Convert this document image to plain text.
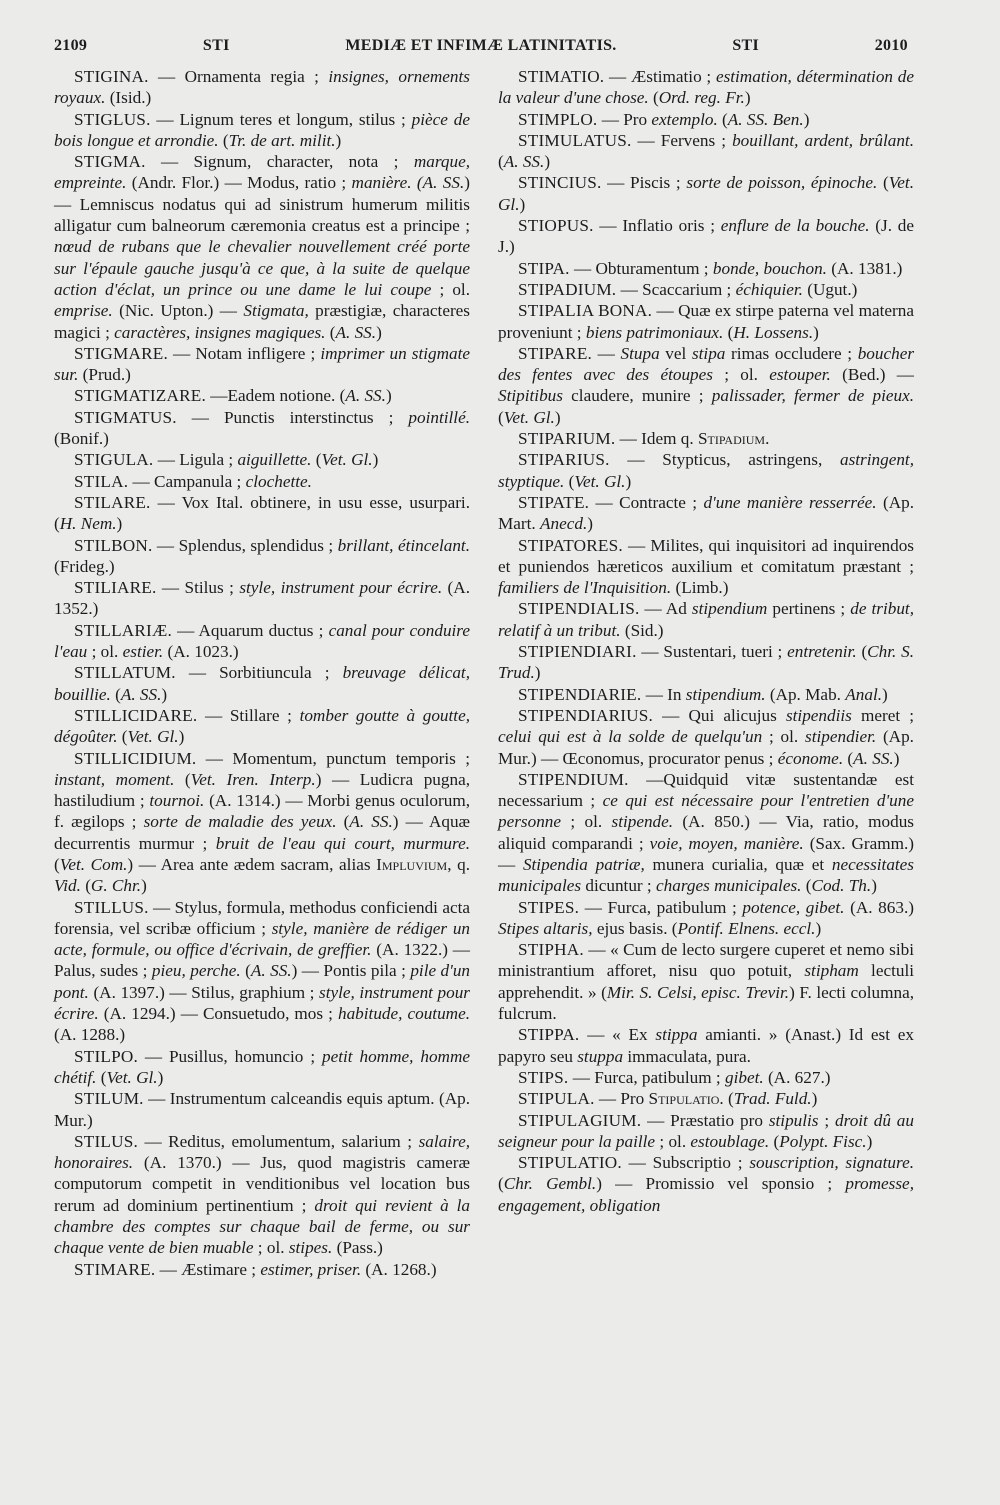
2109	STI	MEDIÆ ET INFIMÆ LATINITATIS.	STI	2010

STIGINA. — Ornamenta regia ; insignes, ornements royaux. (Isid.)

STIGLUS. — Lignum teres et longum, stilus ; pièce de bois longue et arrondie. (Tr. de art. milit.)

STIGMA. — Signum, character, nota ; marque, empreinte. (Andr. Flor.) — Modus, ratio ; manière. (A. SS.) — Lemniscus nodatus qui ad sinistrum humerum militis alligatur cum balneorum cæremonia creatus est a principe ; nœud de rubans que le chevalier nouvellement créé porte sur l'épaule gauche jusqu'à ce que, à la suite de quelque action d'éclat, un prince ou une dame le lui coupe ; ol. emprise. (Nic. Upton.) — Stigmata, præstigiæ, characteres magici ; caractères, insignes magiques. (A. SS.)

STIGMARE. — Notam infligere ; imprimer un stigmate sur. (Prud.)

STIGMATIZARE. —Eadem notione. (A. SS.)

STIGMATUS. — Punctis interstinctus ; pointillé. (Bonif.)

STIGULA. — Ligula ; aiguillette. (Vet. Gl.)

STILA. — Campanula ; clochette.

STILARE. — Vox Ital. obtinere, in usu esse, usurpari. (H. Nem.)

STILBON. — Splendus, splendidus ; brillant, étincelant. (Frideg.)

STILIARE. — Stilus ; style, instrument pour écrire. (A. 1352.)

STILLARIÆ. — Aquarum ductus ; canal pour conduire l'eau ; ol. estier. (A. 1023.)

STILLATUM. — Sorbitiuncula ; breuvage délicat, bouillie. (A. SS.)

STILLICIDARE. — Stillare ; tomber goutte à goutte, dégoûter. (Vet. Gl.)

STILLICIDIUM. — Momentum, punctum temporis ; instant, moment. (Vet. Iren. Interp.) — Ludicra pugna, hastiludium ; tournoi. (A. 1314.) — Morbi genus oculorum, f. ægilops ; sorte de maladie des yeux. (A. SS.) — Aquæ decurrentis murmur ; bruit de l'eau qui court, murmure. (Vet. Com.) — Area ante ædem sacram, alias Impluvium, q. Vid. (G. Chr.)

STILLUS. — Stylus, formula, methodus conficiendi acta forensia, vel scribæ officium ; style, manière de rédiger un acte, formule, ou office d'écrivain, de greffier. (A. 1322.) — Palus, sudes ; pieu, perche. (A. SS.) — Pontis pila ; pile d'un pont. (A. 1397.) — Stilus, graphium ; style, instrument pour écrire. (A. 1294.) — Consuetudo, mos ; habitude, coutume. (A. 1288.)

STILPO. — Pusillus, homuncio ; petit homme, homme chétif. (Vet. Gl.)

STILUM. — Instrumentum calceandis equis aptum. (Ap. Mur.)

STILUS. — Reditus, emolumentum, salarium ; salaire, honoraires. (A. 1370.) — Jus, quod magistris cameræ computorum competit in venditionibus vel location bus rerum ad dominium pertinentium ; droit qui revient à la chambre des comptes sur chaque bail de ferme, ou sur chaque vente de bien muable ; ol. stipes. (Pass.)

STIMARE. — Æstimare ; estimer, priser. (A. 1268.)

STIMATIO. — Æstimatio ; estimation, détermination de la valeur d'une chose. (Ord. reg. Fr.)

STIMPLO. — Pro extemplo. (A. SS. Ben.)

STIMULATUS. — Fervens ; bouillant, ardent, brûlant. (A. SS.)

STINCIUS. — Piscis ; sorte de poisson, épinoche. (Vet. Gl.)

STIOPUS. — Inflatio oris ; enflure de la bouche. (J. de J.)

STIPA. — Obturamentum ; bonde, bouchon. (A. 1381.)

STIPADIUM. — Scaccarium ; échiquier. (Ugut.)

STIPALIA BONA. — Quæ ex stirpe paterna vel materna proveniunt ; biens patrimoniaux. (H. Lossens.)

STIPARE. — Stupa vel stipa rimas occludere ; boucher des fentes avec des étoupes ; ol. estouper. (Bed.) — Stipitibus claudere, munire ; palissader, fermer de pieux. (Vet. Gl.)

STIPARIUM. — Idem q. Stipadium.

STIPARIUS. — Stypticus, astringens, astringent, styptique. (Vet. Gl.)

STIPATE. — Contracte ; d'une manière resserrée. (Ap. Mart. Anecd.)

STIPATORES. — Milites, qui inquisitori ad inquirendos et puniendos hæreticos auxilium et comitatum præstant ; familiers de l'Inquisition. (Limb.)

STIPENDIALIS. — Ad stipendium pertinens ; de tribut, relatif à un tribut. (Sid.)

STIPIENDIARI. — Sustentari, tueri ; entretenir. (Chr. S. Trud.)

STIPENDIARIE. — In stipendium. (Ap. Mab. Anal.)

STIPENDIARIUS. — Qui alicujus stipendiis meret ; celui qui est à la solde de quelqu'un ; ol. stipendier. (Ap. Mur.) — Œconomus, procurator penus ; économe. (A. SS.)

STIPENDIUM. —Quidquid vitæ sustentandæ est necessarium ; ce qui est nécessaire pour l'entretien d'une personne ; ol. stipende. (A. 850.) — Via, ratio, modus aliquid comparandi ; voie, moyen, manière. (Sax. Gramm.) — Stipendia patriæ, munera curialia, quæ et necessitates municipales dicuntur ; charges municipales. (Cod. Th.)

STIPES. — Furca, patibulum ; potence, gibet. (A. 863.) Stipes altaris, ejus basis. (Pontif. Elnens. eccl.)

STIPHA. — « Cum de lecto surgere cuperet et nemo sibi ministrantium afforet, nisu quo potuit, stipham lectuli apprehendit. » (Mir. S. Celsi, episc. Trevir.) F. lecti columna, fulcrum.

STIPPA. — « Ex stippa amianti. » (Anast.) Id est ex papyro seu stuppa immaculata, pura.

STIPS. — Furca, patibulum ; gibet. (A. 627.)

STIPULA. — Pro Stipulatio. (Trad. Fuld.)

STIPULAGIUM. — Præstatio pro stipulis ; droit dû au seigneur pour la paille ; ol. estoublage. (Polypt. Fisc.)

STIPULATIO. — Subscriptio ; souscription, signature. (Chr. Gembl.) — Promissio vel sponsio ; promesse, engagement, obligation
